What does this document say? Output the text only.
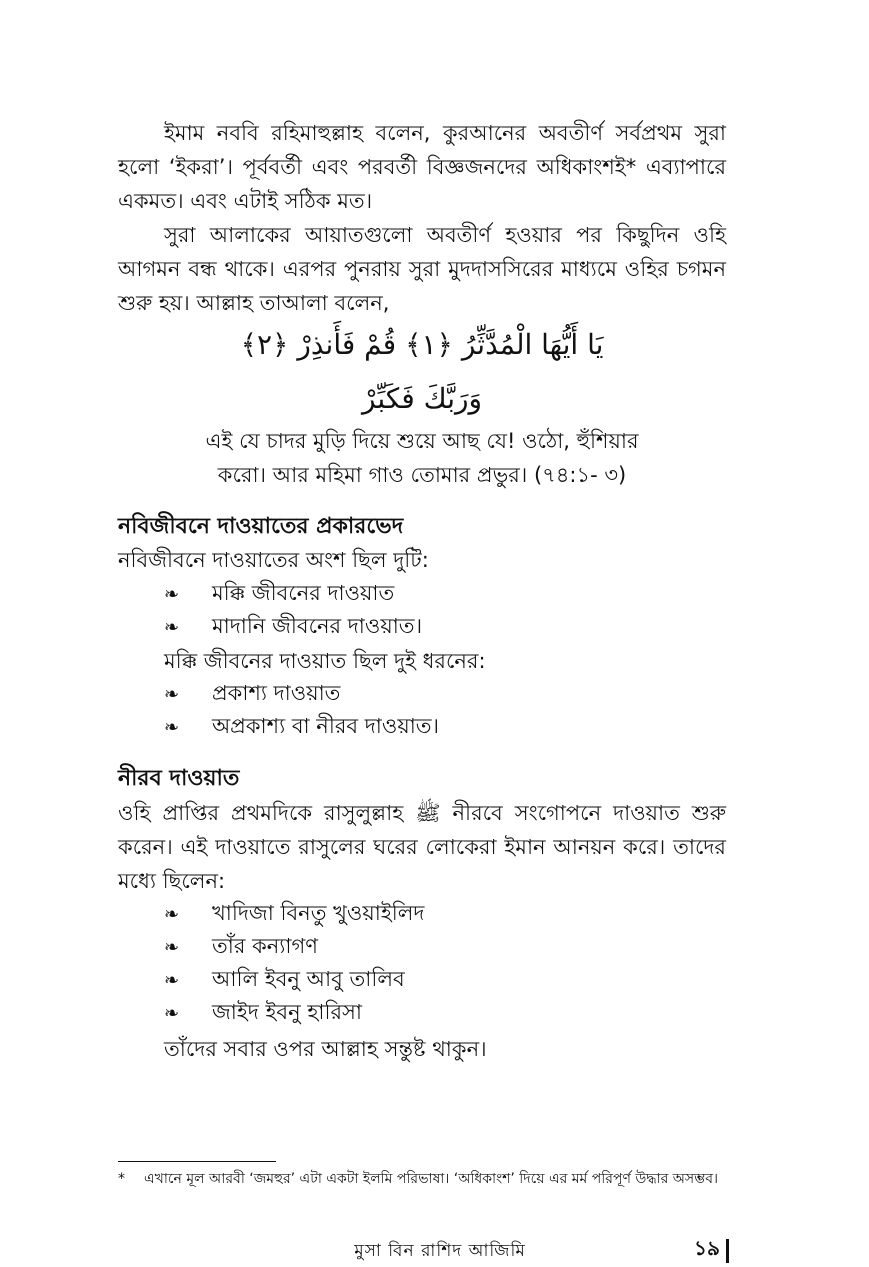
ইমাম নববি রহিমাহুল্লাহ বলেন, কুরআনের অবতীর্ণ সর্বপ্রথম সুরা হলো ‘ইকরা’। পূর্ববর্তী এবং পরবর্তী বিজ্ঞজনদের অধিকাংশই* এব্যাপারে একমত। এবং এটাই সঠিক মত।

সুরা আলাকের আয়াতগুলো অবতীর্ণ হওয়ার পর কিছুদিন ওহি আগমন বন্ধ থাকে। এরপর পুনরায় সুরা মুদদাসসিরের মাধ্যমে ওহির চগমন শুরু হয়। আল্লাহ তাআলা বলেন,

يَا أَيُّهَا الْمُدَّثِّرُ ﴿١﴾ قُمْ فَأَنذِرْ ﴿٢﴾
وَرَبَّكَ فَكَبِّرْ
এই যে চাদর মুড়ি দিয়ে শুয়ে আছ যে! ওঠো, হুঁশিয়ার
করো। আর মহিমা গাও তোমার প্রভুর। (৭৪:১- ৩)
নবিজীবনে দাওয়াতের প্রকারভেদ
নবিজীবনে দাওয়াতের অংশ ছিল দুটি:
❧	মক্কি জীবনের দাওয়াত
❧	মাদানি জীবনের দাওয়াত।
মক্কি জীবনের দাওয়াত ছিল দুই ধরনের:
❧	প্রকাশ্য দাওয়াত
❧	অপ্রকাশ্য বা নীরব দাওয়াত।
নীরব দাওয়াত

ওহি প্রাপ্তির প্রথমদিকে রাসুলুল্লাহ ﷺ নীরবে সংগোপনে দাওয়াত শুরু করেন। এই দাওয়াতে রাসুলের ঘরের লোকেরা ইমান আনয়ন করে। তাদের মধ্যে ছিলেন:

❧	খাদিজা বিনতু খুওয়াইলিদ
❧	তাঁর কন্যাগণ
❧	আলি ইবনু আবু তালিব
❧	জাইদ ইবনু হারিসা
তাঁদের সবার ওপর আল্লাহ সন্তুষ্ট থাকুন।
*	এখানে মূল আরবী ‘জমহুর’ এটা একটা ইলমি পরিভাষা। ‘অধিকাংশ’ দিয়ে এর মর্ম পরিপূর্ণ উদ্ধার অসম্ভব।
মুসা বিন রাশিদ আজিমি	১৯
